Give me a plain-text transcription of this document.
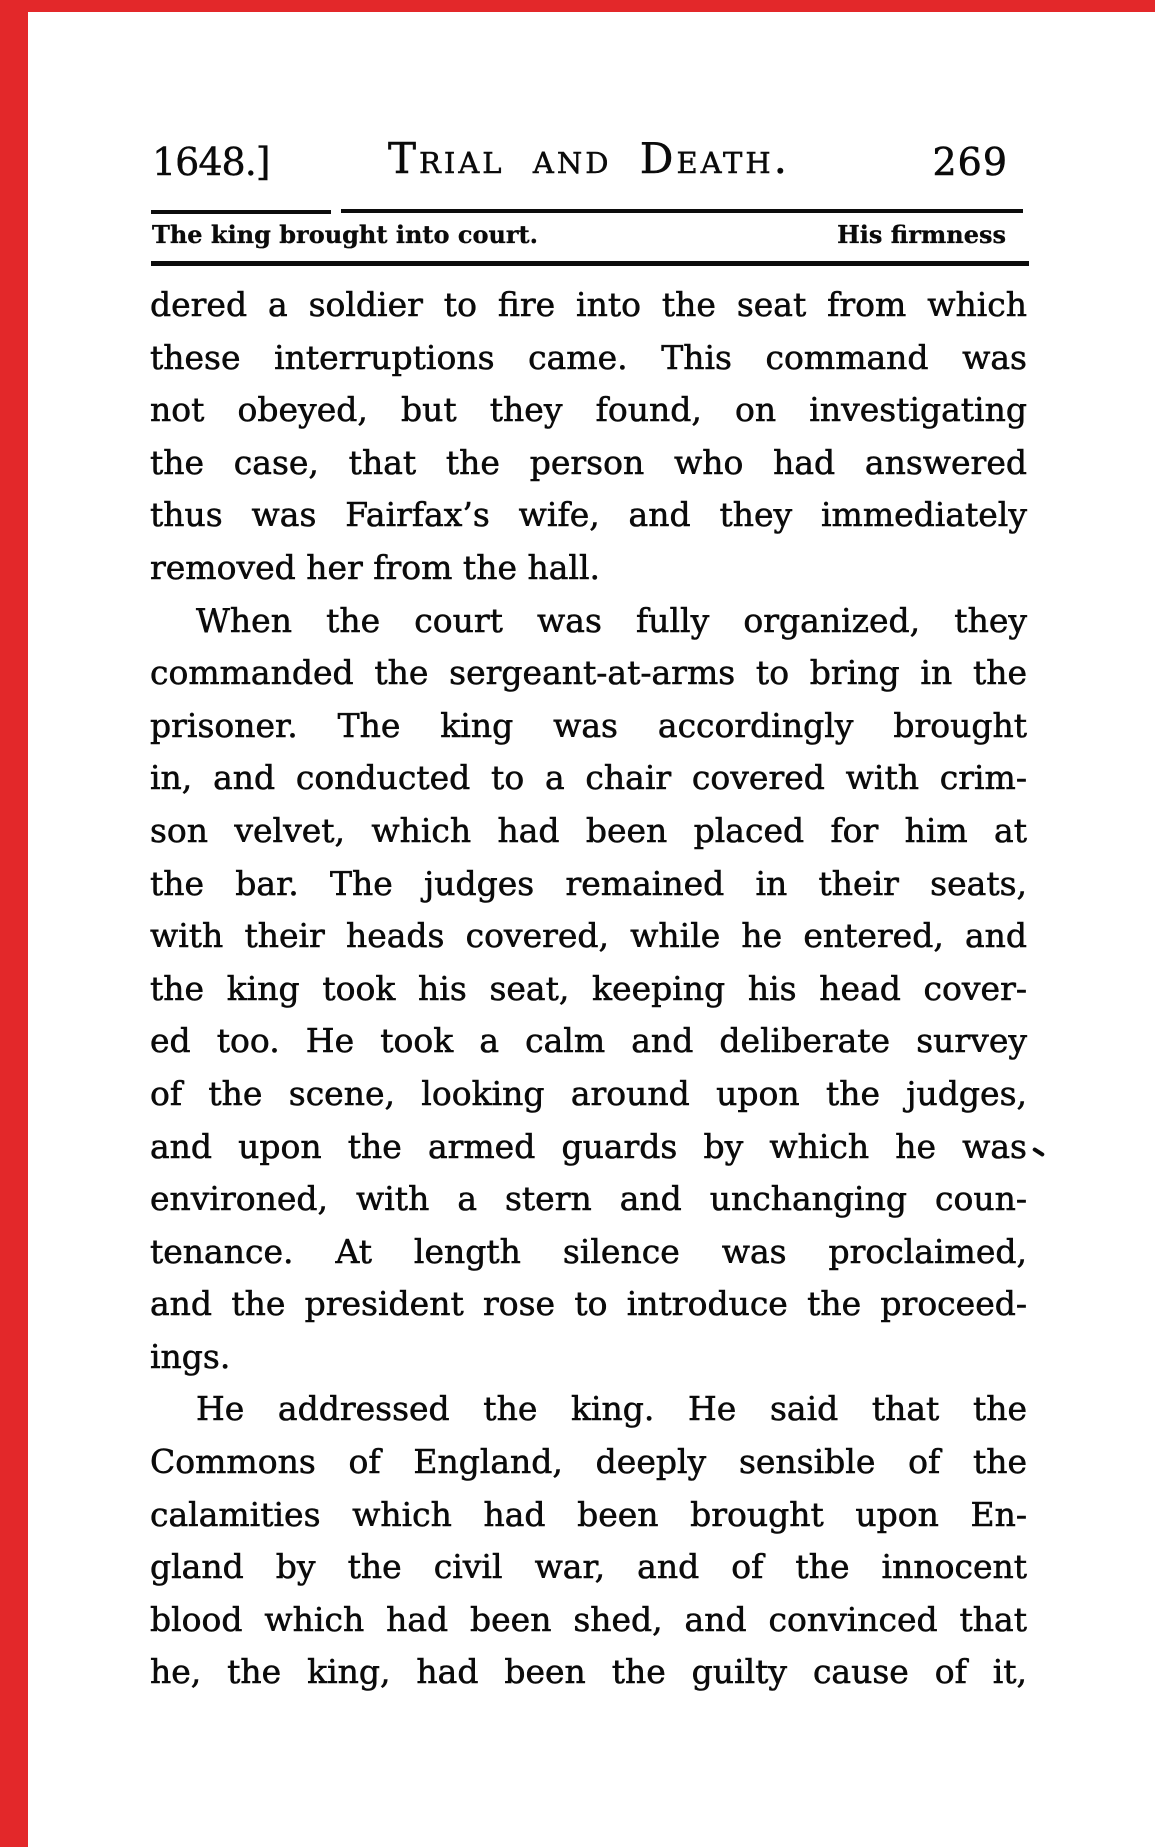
1648.]	Trial and Death.	269
The king brought into court.	His firmness
dered a soldier to fire into the seat from which
these interruptions came. This command was
not obeyed, but they found, on investigating
the case, that the person who had answered
thus was Fairfax’s wife, and they immediately
removed her from the hall.
When the court was fully organized, they
commanded the sergeant-at-arms to bring in the
prisoner. The king was accordingly brought
in, and conducted to a chair covered with crim-
son velvet, which had been placed for him at
the bar. The judges remained in their seats,
with their heads covered, while he entered, and
the king took his seat, keeping his head cover-
ed too. He took a calm and deliberate survey
of the scene, looking around upon the judges,
and upon the armed guards by which he was
environed, with a stern and unchanging coun-
tenance. At length silence was proclaimed,
and the president rose to introduce the proceed-
ings.
He addressed the king. He said that the
Commons of England, deeply sensible of the
calamities which had been brought upon En-
gland by the civil war, and of the innocent
blood which had been shed, and convinced that
he, the king, had been the guilty cause of it,
